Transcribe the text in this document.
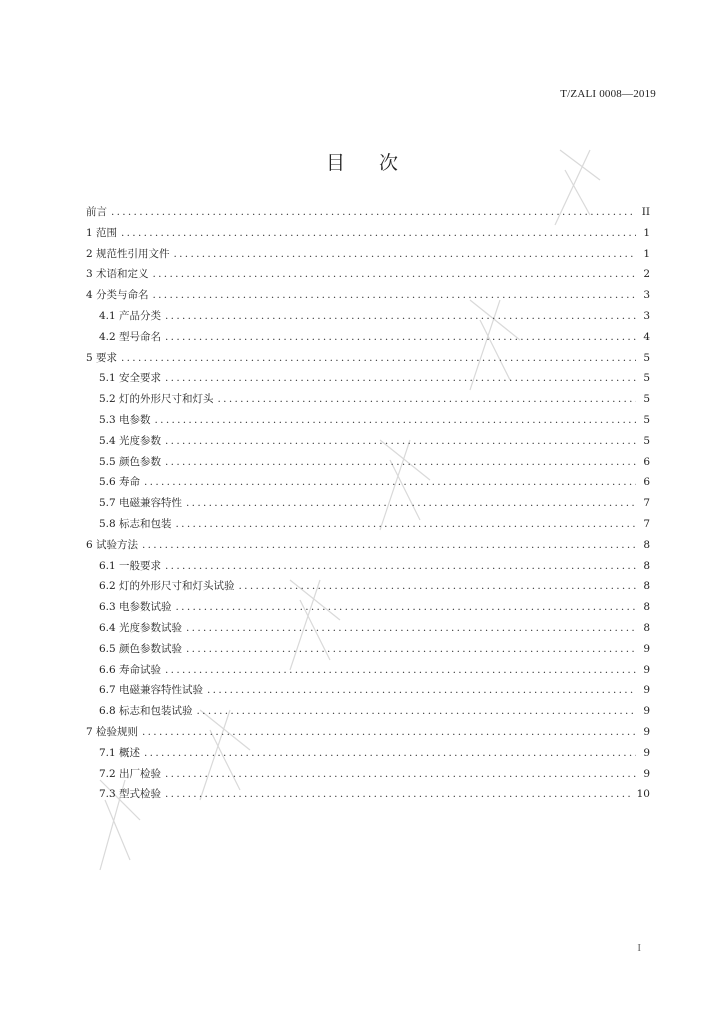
T/ZALI 0008—2019
目次
前言 .....	II
1 范围 .....	1
2 规范性引用文件 .....	1
3 术语和定义 .....	2
4 分类与命名 .....	3
4.1 产品分类 .....	3
4.2 型号命名 .....	4
5 要求 .....	5
5.1 安全要求 .....	5
5.2 灯的外形尺寸和灯头 .....	5
5.3 电参数 .....	5
5.4 光度参数 .....	5
5.5 颜色参数 .....	6
5.6 寿命 .....	6
5.7 电磁兼容特性 .....	7
5.8 标志和包装 .....	7
6 试验方法 .....	8
6.1 一般要求 .....	8
6.2 灯的外形尺寸和灯头试验 .....	8
6.3 电参数试验 .....	8
6.4 光度参数试验 .....	8
6.5 颜色参数试验 .....	9
6.6 寿命试验 .....	9
6.7 电磁兼容特性试验 .....	9
6.8 标志和包装试验 .....	9
7 检验规则 .....	9
7.1 概述 .....	9
7.2 出厂检验 .....	9
7.3 型式检验 .....	10
I
